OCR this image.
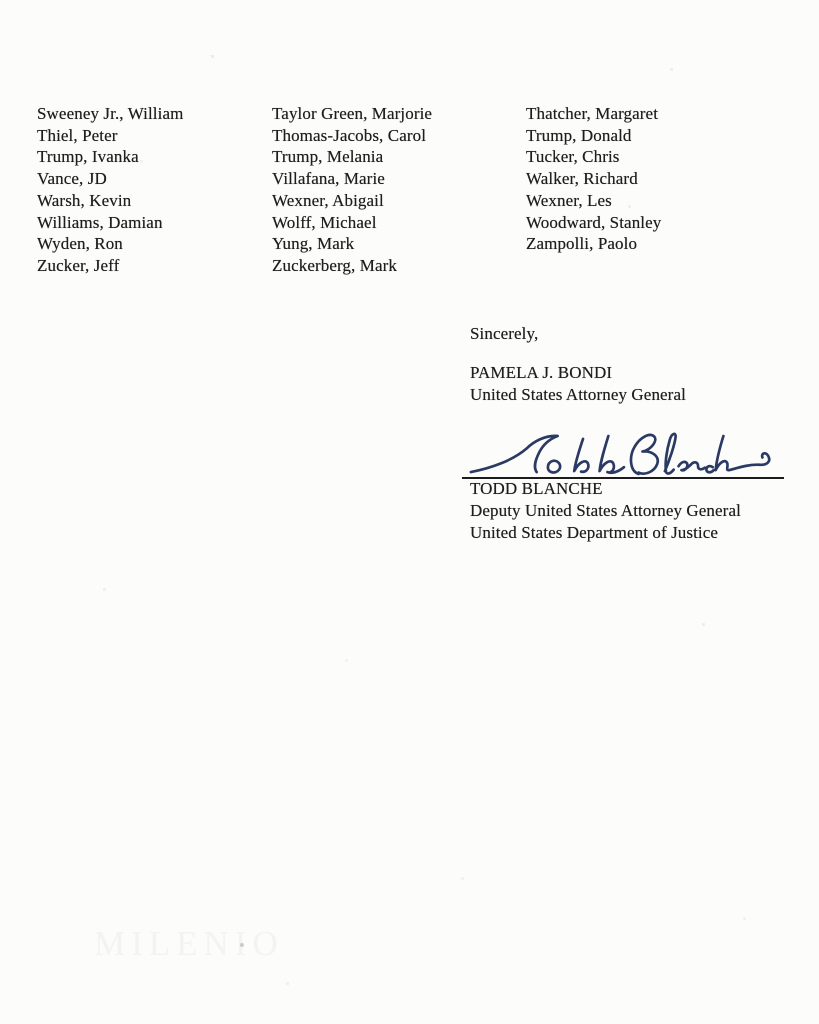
Sweeney Jr., William
Thiel, Peter
Trump, Ivanka
Vance, JD
Warsh, Kevin
Williams, Damian
Wyden, Ron
Zucker, Jeff
Taylor Green, Marjorie
Thomas-Jacobs, Carol
Trump, Melania
Villafana, Marie
Wexner, Abigail
Wolff, Michael
Yung, Mark
Zuckerberg, Mark
Thatcher, Margaret
Trump, Donald
Tucker, Chris
Walker, Richard
Wexner, Les
Woodward, Stanley
Zampolli, Paolo
Sincerely,
PAMELA J. BONDI
United States Attorney General
TODD BLANCHE
Deputy United States Attorney General
United States Department of Justice
MILENIO
